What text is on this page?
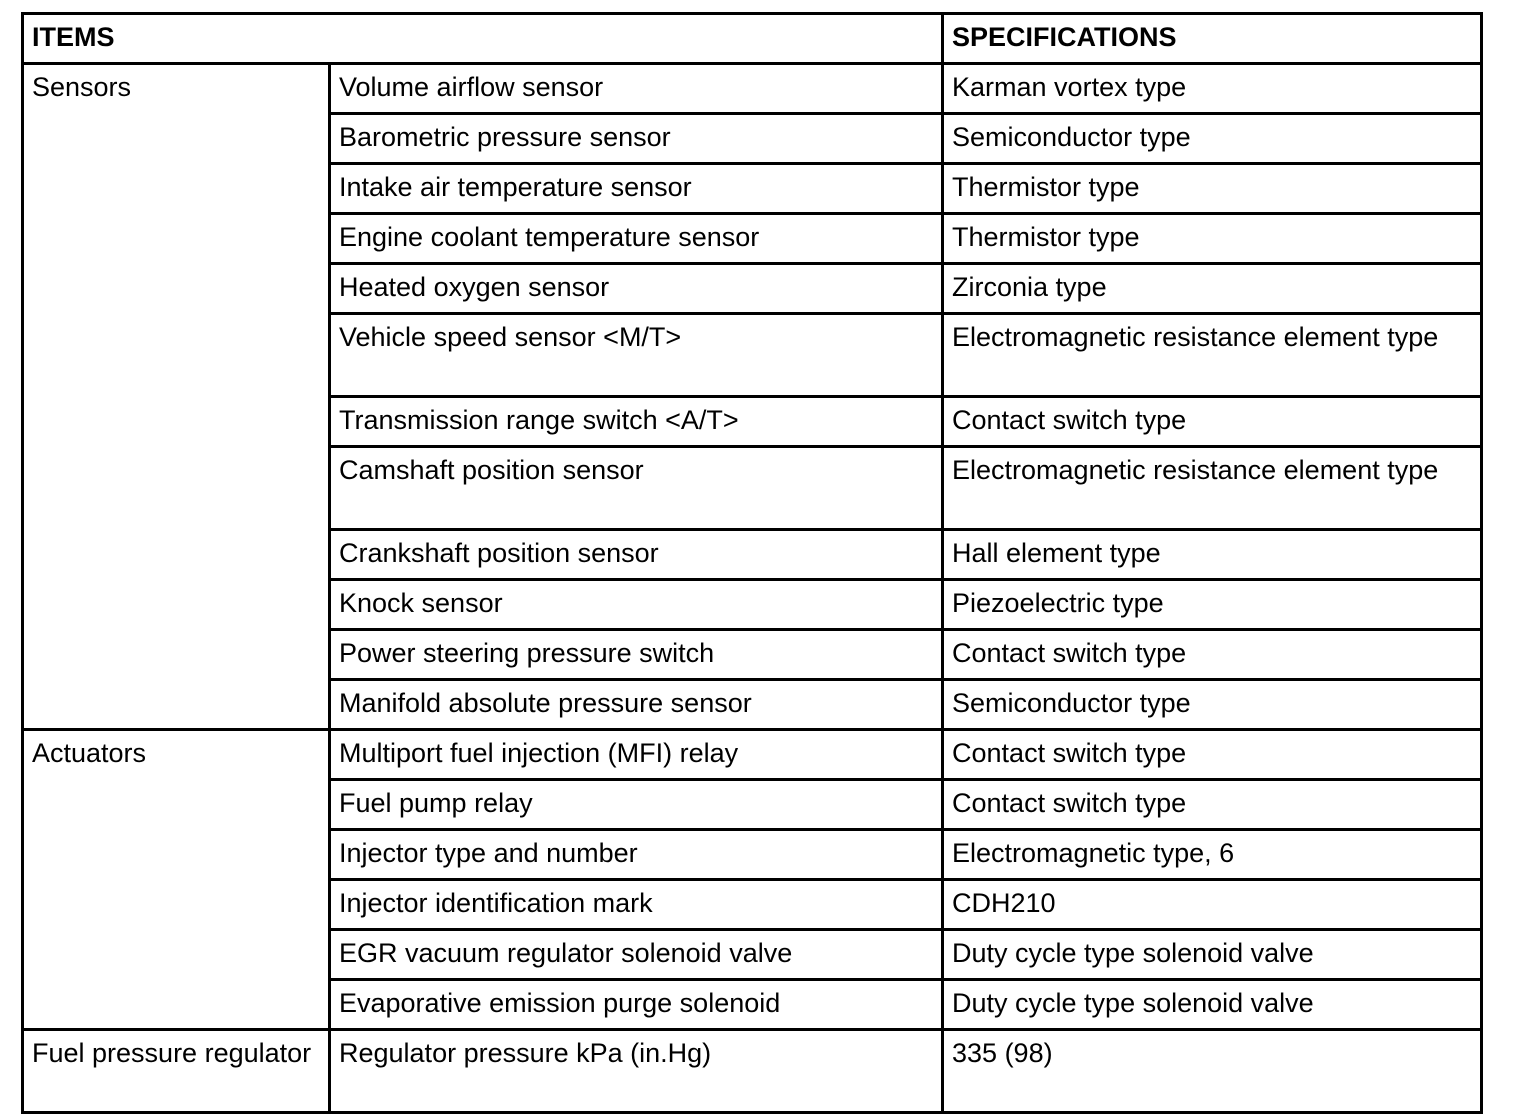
ITEMS		SPECIFICATIONS
Sensors	Volume airflow sensor	Karman vortex type
	Barometric pressure sensor	Semiconductor type
	Intake air temperature sensor	Thermistor type
	Engine coolant temperature sensor	Thermistor type
	Heated oxygen sensor	Zirconia type
	Vehicle speed sensor <M/T>	Electromagnetic resistance element type
	Transmission range switch <A/T>	Contact switch type
	Camshaft position sensor	Electromagnetic resistance element type
	Crankshaft position sensor	Hall element type
	Knock sensor	Piezoelectric type
	Power steering pressure switch	Contact switch type
	Manifold absolute pressure sensor	Semiconductor type
Actuators	Multiport fuel injection (MFI) relay	Contact switch type
	Fuel pump relay	Contact switch type
	Injector type and number	Electromagnetic type, 6
	Injector identification mark	CDH210
	EGR vacuum regulator solenoid valve	Duty cycle type solenoid valve
	Evaporative emission purge solenoid	Duty cycle type solenoid valve
Fuel pressure regulator	Regulator pressure kPa (in.Hg)	335 (98)
